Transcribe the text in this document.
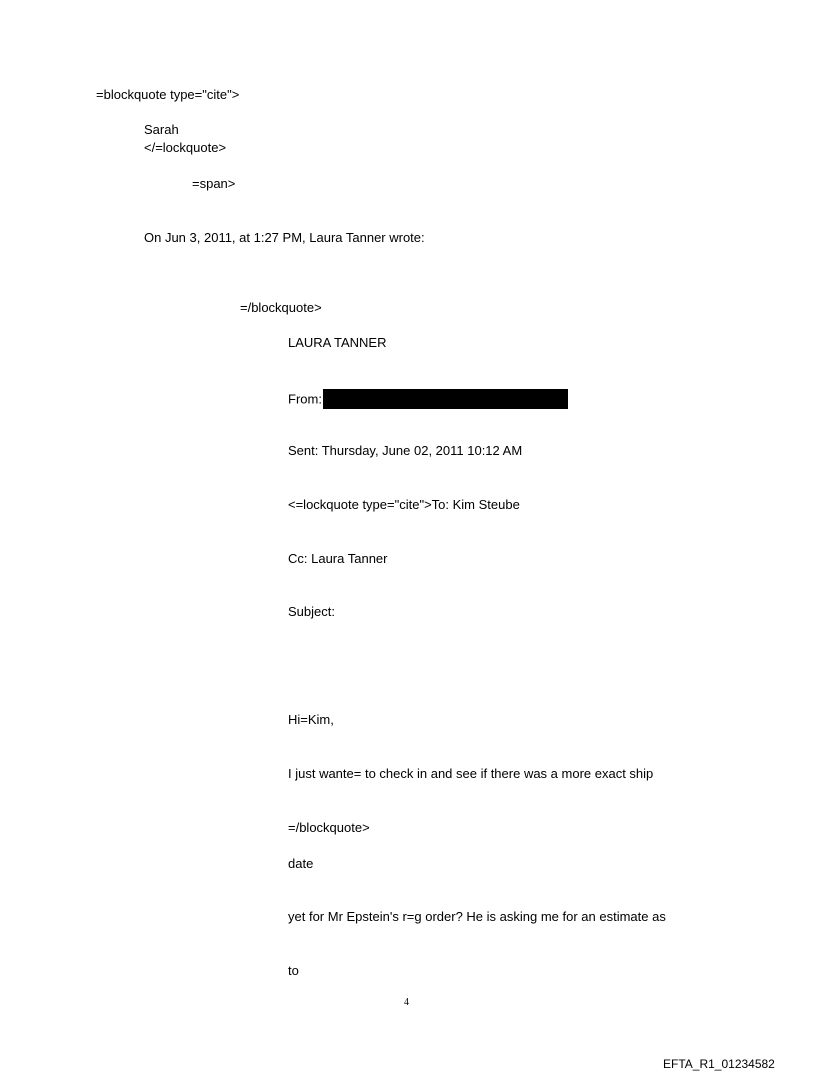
=blockquote type="cite">
Sarah
</=lockquote>
=span>
On Jun 3, 2011, at 1:27 PM, Laura Tanner wrote:
=/blockquote>
LAURA TANNER
From:
Sent: Thursday, June 02, 2011 10:12 AM
<=lockquote type="cite">To: Kim Steube
Cc: Laura Tanner
Subject:
Hi=Kim,
I just wante= to check in and see if there was a more exact ship
=/blockquote>
date
yet for Mr Epstein's r=g order? He is asking me for an estimate as
to
4
EFTA_R1_01234582
